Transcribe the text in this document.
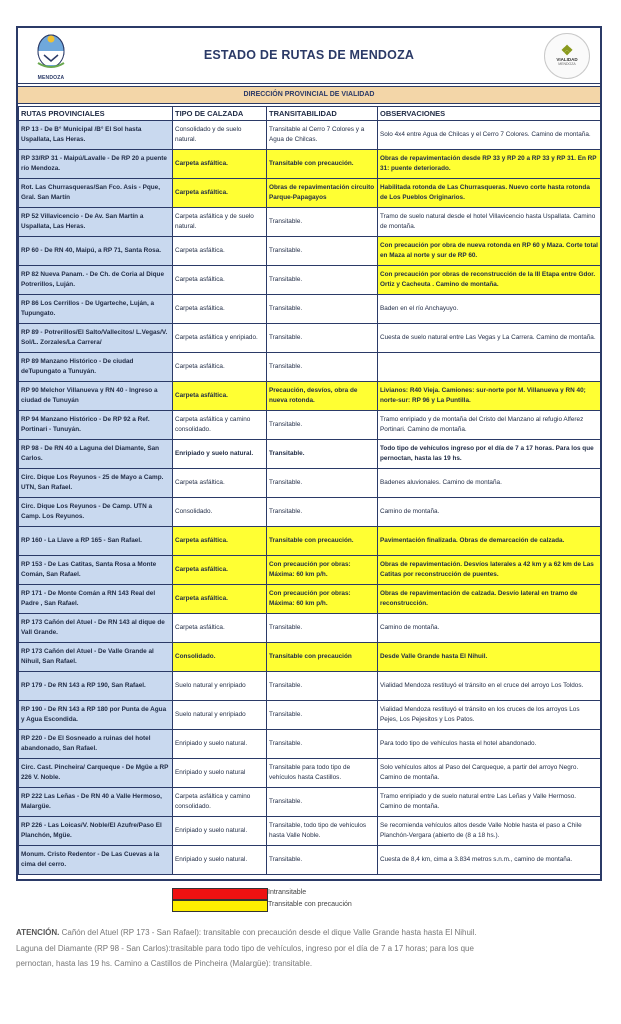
MENDOZA
ESTADO DE RUTAS DE MENDOZA	❖
VIALIDAD
MENDOZA
DIRECCIÓN PROVINCIAL DE VIALIDAD
RUTAS PROVINCIALES	TIPO DE CALZADA	TRANSITABILIDAD	OBSERVACIONES
RP 13 - De B° Municipal /B° El Sol hasta Uspallata, Las Heras.	Consolidado y de suelo natural.	Transitable al Cerro 7 Colores y a Agua de Chilcas.	Solo 4x4 entre Agua de Chilcas y el Cerro 7 Colores. Camino de montaña.
RP 33/RP 31 - Maipú/Lavalle - De RP 20 a puente río Mendoza.	Carpeta asfáltica.	Transitable con precaución.	Obras de repavimentación desde RP 33 y RP 20 a RP 33 y RP 31. En RP 31: puente deteriorado.
Rot. Las Churrasqueras/San Fco. Asis - Pque, Gral. San Martín	Carpeta asfáltica.	Obras de repavimentación circuito Parque-Papagayos	Habilitada rotonda de Las Churrasqueras. Nuevo corte hasta rotonda de Los Pueblos Originarios.
RP 52 Villavicencio - De Av. San Martín a Uspallata, Las Heras.	Carpeta asfáltica y de suelo natural.	Transitable.	Tramo de suelo natural desde el hotel Villavicencio hasta Uspallata. Camino de montaña.
RP 60 - De RN 40, Maipú, a RP 71, Santa Rosa.	Carpeta asfáltica.	Transitable.	Con precaución por obra de nueva rotonda en RP 60 y Maza. Corte total en Maza al norte y sur de RP 60.
RP 82 Nueva Panam. - De Ch. de Coria al Dique Potrerillos, Luján.	Carpeta asfáltica.	Transitable.	Con precaución por obras de reconstrucción de la III Etapa entre Gdor. Ortiz y Cacheuta . Camino de montaña.
RP 86 Los Cerrillos - De Ugarteche, Luján, a Tupungato.	Carpeta asfáltica.	Transitable.	Baden en el río Anchayuyo.
RP 89 - Potrerillos/El Salto/Vallecitos/ L.Vegas/V. Sol/L. Zorzales/La Carrera/	Carpeta asfáltica y enripiado.	Transitable.	Cuesta de suelo natural entre Las Vegas y La Carrera. Camino de montaña.
RP 89 Manzano Histórico - De ciudad deTupungato a Tunuyán.	Carpeta asfáltica.	Transitable.	
RP 90 Melchor Villanueva y RN 40 - Ingreso a ciudad de Tunuyán	Carpeta asfáltica.	Precaución, desvíos, obra de nueva rotonda.	Livianos: R40 Vieja. Camiones: sur-norte por M. Villanueva y RN 40; norte-sur: RP 96 y La Puntilla.
RP 94 Manzano Histórico - De RP 92 a Ref. Portinari - Tunuyán.	Carpeta asfáltica y camino consolidado.	Transitable.	Tramo enripiado y de montaña del Cristo del Manzano al refugio Alferez Portinari. Camino de montaña.
RP 98 - De RN 40 a Laguna del Diamante, San Carlos.	Enripiado y suelo natural.	Transitable.	Todo tipo de vehículos ingreso por el día de 7 a 17 horas. Para los que pernoctan, hasta las 19 hs.
Circ. Dique Los Reyunos - 25 de Mayo a Camp. UTN, San Rafael.	Carpeta asfáltica.	Transitable.	Badenes aluvionales. Camino de montaña.
Circ. Dique Los Reyunos - De Camp. UTN a Camp. Los Reyunos.	Consolidado.	Transitable.	Camino de montaña.
RP 160 - La Llave a RP 165 - San Rafael.	Carpeta asfáltica.	Transitable con precaución.	Pavimentación finalizada. Obras de demarcación de calzada.
RP 153 - De Las Catitas, Santa Rosa a Monte Comán, San Rafael.	Carpeta asfáltica.	Con precaución por obras: Máxima: 60 km p/h.	Obras de repavimentación. Desvíos laterales a 42 km y a 62 km de Las Catitas por reconstrucción de puentes.
RP 171 - De Monte Comán a RN 143 Real del Padre , San Rafael.	Carpeta asfáltica.	Con precaución por obras: Máxima: 60 km p/h.	Obras de repavimentación de calzada. Desvío lateral en tramo de reconstrucción.
RP 173 Cañón del Atuel - De RN 143 al dique de Vall Grande.	Carpeta asfáltica.	Transitable.	Camino de montaña.
RP 173 Cañón del Atuel - De Valle Grande al Nihuil, San Rafael.	Consolidado.	Transitable con precaución	Desde Valle Grande hasta El Nihuil.
RP 179 - De RN 143 a RP 190, San Rafael.	Suelo natural y enripiado	Transitable.	Vialidad Mendoza restituyó el tránsito en el cruce del arroyo Los Toldos.
RP 190 - De RN 143 a RP 180 por Punta de Agua y Agua Escondida.	Suelo natural y enripiado	Transitable.	Vialidad Mendoza restituyó el tránsito en los cruces de los arroyos Los Pejes, Los Pejesitos y Los Patos.
RP 220 - De El Sosneado a ruinas del hotel abandonado, San Rafael.	Enripiado y suelo natural.	Transitable.	Para todo tipo de vehículos hasta el hotel abandonado.
Circ. Cast. Pincheira/ Carqueque - De Mgüe a RP 226 V. Noble.	Enripiado y suelo natural	Transitable para todo tipo de vehículos hasta Castillos.	Solo vehículos altos al Paso del Carqueque, a partir del arroyo Negro. Camino de montaña.
RP 222 Las Leñas - De RN 40 a Valle Hermoso, Malargüe.	Carpeta asfáltica y camino consolidado.	Transitable.	Tramo enripiado y de suelo natural entre Las Leñas y Valle Hermoso. Camino de montaña.
RP 226 - Las Loicas/V. Noble/El Azufre/Paso El Planchón, Mgüe.	Enripiado y suelo natural.	Transitable, todo tipo de vehículos hasta Valle Noble.	Se recomienda vehículos altos desde Valle Noble hasta el paso a Chile Planchón-Vergara (abierto de (8 a 18 hs.).
Monum. Cristo Redentor - De Las Cuevas a la cima del cerro.	Enripiado y suelo natural.	Transitable.	Cuesta de 8,4 km, cima a 3.834 metros s.n.m., camino de montaña.
Intransitable
Transitable con precaución
ATENCIÓN. Cañón del Atuel (RP 173 - San Rafael): transitable con precaución desde el dique Valle Grande hasta hasta El Nihuil.
Laguna del Diamante (RP 98 - San Carlos):trasitable para todo tipo de vehículos, ingreso por el día de 7 a 17 horas; para los que
pernoctan, hasta las 19 hs. Camino a Castillos de Pincheira (Malargüe): transitable.
